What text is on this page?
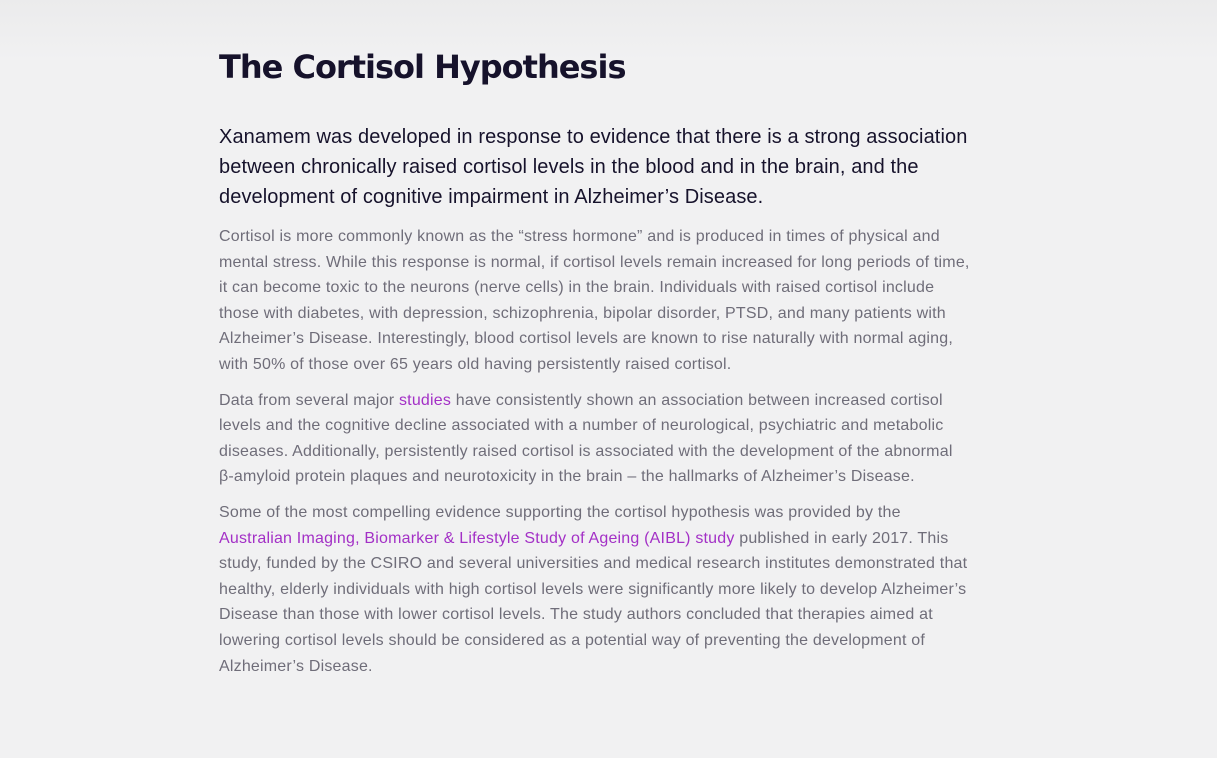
The Cortisol Hypothesis

Xanamem was developed in response to evidence that there is a strong association between chronically raised cortisol levels in the blood and in the brain, and the development of cognitive impairment in Alzheimer’s Disease.

Cortisol is more commonly known as the “stress hormone” and is produced in times of physical and mental stress. While this response is normal, if cortisol levels remain increased for long periods of time, it can become toxic to the neurons (nerve cells) in the brain. Individuals with raised cortisol include those with diabetes, with depression, schizophrenia, bipolar disorder, PTSD, and many patients with Alzheimer’s Disease. Interestingly, blood cortisol levels are known to rise naturally with normal aging, with 50% of those over 65 years old having persistently raised cortisol.

Data from several major studies have consistently shown an association between increased cortisol levels and the cognitive decline associated with a number of neurological, psychiatric and metabolic diseases. Additionally, persistently raised cortisol is associated with the development of the abnormal β-amyloid protein plaques and neurotoxicity in the brain – the hallmarks of Alzheimer’s Disease.

Some of the most compelling evidence supporting the cortisol hypothesis was provided by the Australian Imaging, Biomarker & Lifestyle Study of Ageing (AIBL) study published in early 2017. This study, funded by the CSIRO and several universities and medical research institutes demonstrated that healthy, elderly individuals with high cortisol levels were significantly more likely to develop Alzheimer’s Disease than those with lower cortisol levels. The study authors concluded that therapies aimed at lowering cortisol levels should be considered as a potential way of preventing the development of Alzheimer’s Disease.
